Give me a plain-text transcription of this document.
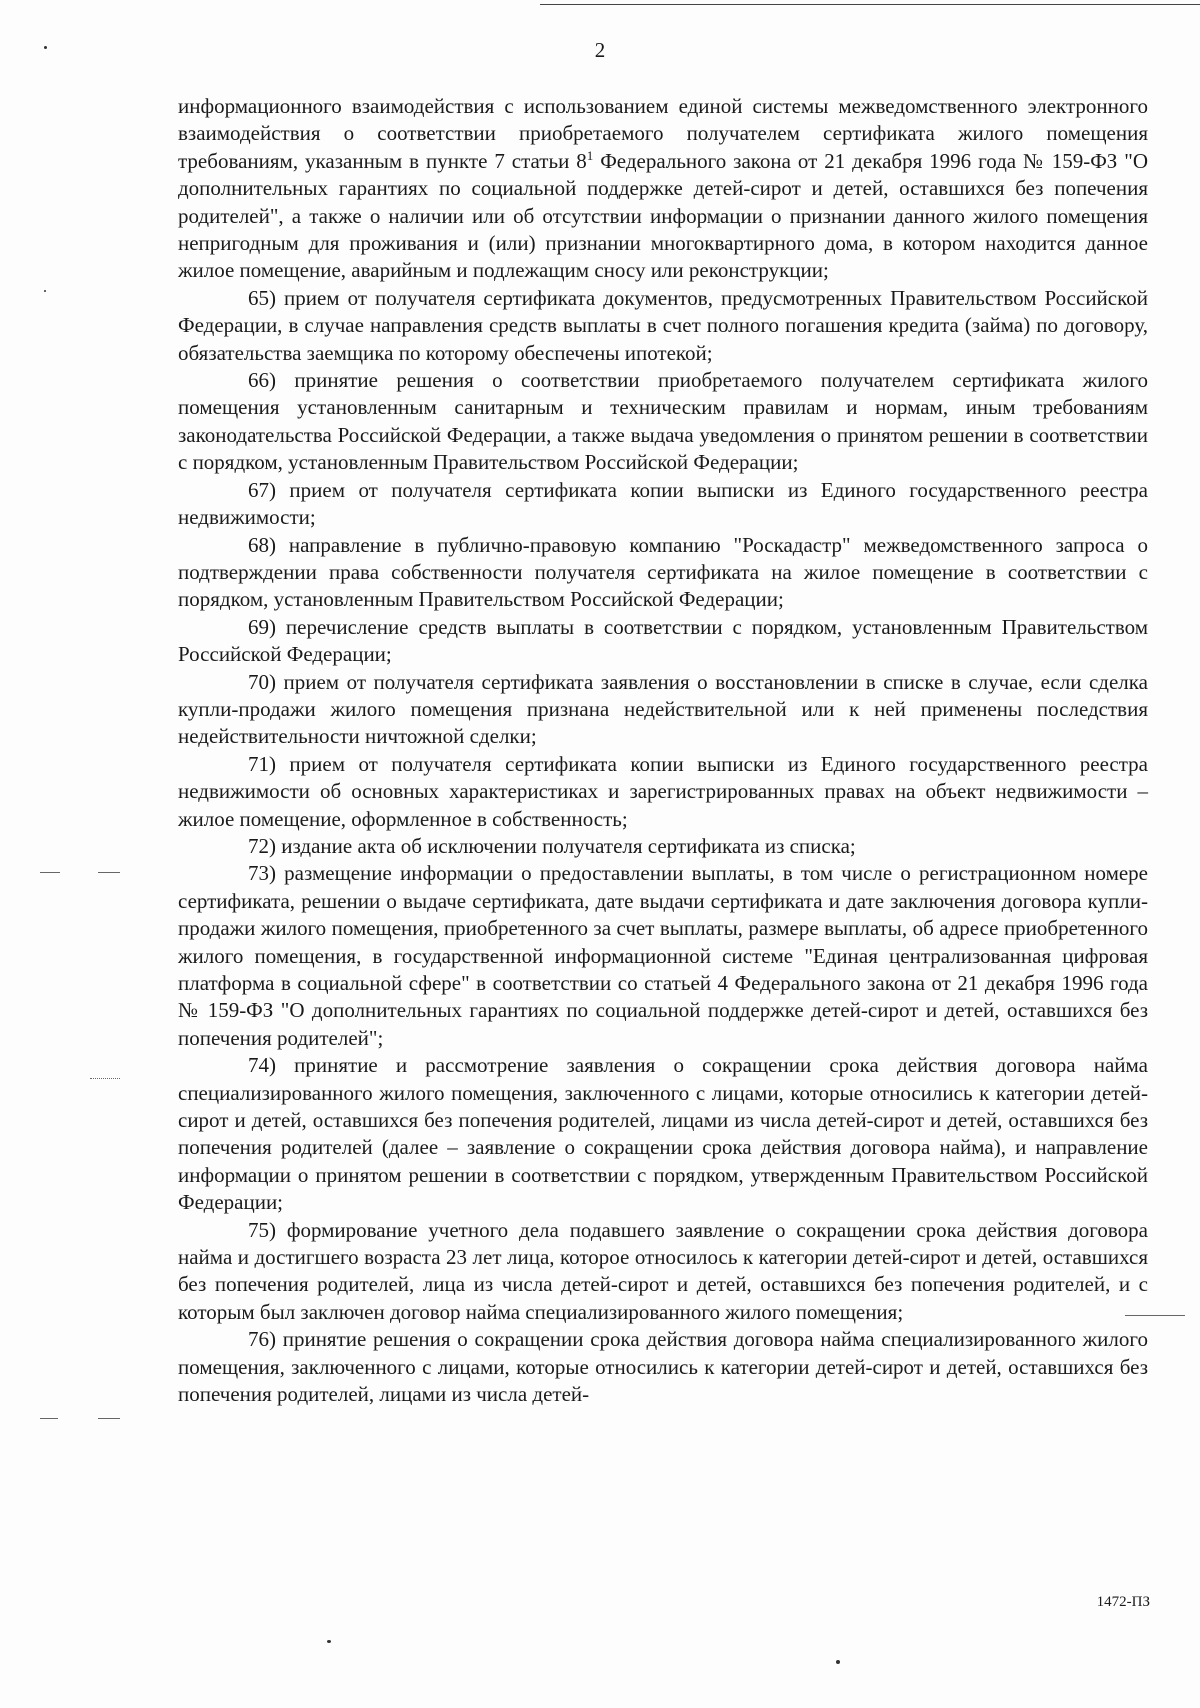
2

информационного взаимодействия с использованием единой системы межведомственного электронного взаимодействия о соответствии приобретаемого получателем сертификата жилого помещения требованиям, указанным в пункте 7 статьи $8^1$ Федерального закона от 21 декабря 1996 года № 159-ФЗ "О дополнительных гарантиях по социальной поддержке детей-сирот и детей, оставшихся без попечения родителей", а также о наличии или об отсутствии информации о признании данного жилого помещения непригодным для проживания и (или) признании многоквартирного дома, в котором находится данное жилое помещение, аварийным и подлежащим сносу или реконструкции;

65) прием от получателя сертификата документов, предусмотренных Правительством Российской Федерации, в случае направления средств выплаты в счет полного погашения кредита (займа) по договору, обязательства заемщика по которому обеспечены ипотекой;

66) принятие решения о соответствии приобретаемого получателем сертификата жилого помещения установленным санитарным и техническим правилам и нормам, иным требованиям законодательства Российской Федерации, а также выдача уведомления о принятом решении в соответствии с порядком, установленным Правительством Российской Федерации;

67) прием от получателя сертификата копии выписки из Единого государственного реестра недвижимости;

68) направление в публично-правовую компанию "Роскадастр" межведомственного запроса о подтверждении права собственности получателя сертификата на жилое помещение в соответствии с порядком, установленным Правительством Российской Федерации;

69) перечисление средств выплаты в соответствии с порядком, установленным Правительством Российской Федерации;

70) прием от получателя сертификата заявления о восстановлении в списке в случае, если сделка купли-продажи жилого помещения признана недействительной или к ней применены последствия недействительности ничтожной сделки;

71) прием от получателя сертификата копии выписки из Единого государственного реестра недвижимости об основных характеристиках и зарегистрированных правах на объект недвижимости – жилое помещение, оформленное в собственность;

72) издание акта об исключении получателя сертификата из списка;

73) размещение информации о предоставлении выплаты, в том числе о регистрационном номере сертификата, решении о выдаче сертификата, дате выдачи сертификата и дате заключения договора купли-продажи жилого помещения, приобретенного за счет выплаты, размере выплаты, об адресе приобретенного жилого помещения, в государственной информационной системе "Единая централизованная цифровая платформа в социальной сфере" в соответствии со статьей 4 Федерального закона от 21 декабря 1996 года № 159-ФЗ "О дополнительных гарантиях по социальной поддержке детей-сирот и детей, оставшихся без попечения родителей";

74) принятие и рассмотрение заявления о сокращении срока действия договора найма специализированного жилого помещения, заключенного с лицами, которые относились к категории детей-сирот и детей, оставшихся без попечения родителей, лицами из числа детей-сирот и детей, оставшихся без попечения родителей (далее – заявление о сокращении срока действия договора найма), и направление информации о принятом решении в соответствии с порядком, утвержденным Правительством Российской Федерации;

75) формирование учетного дела подавшего заявление о сокращении срока действия договора найма и достигшего возраста 23 лет лица, которое относилось к категории детей-сирот и детей, оставшихся без попечения родителей, лица из числа детей-сирот и детей, оставшихся без попечения родителей, и с которым был заключен договор найма специализированного жилого помещения;

76) принятие решения о сокращении срока действия договора найма специализированного жилого помещения, заключенного с лицами, которые относились к категории детей-сирот и детей, оставшихся без попечения родителей, лицами из числа детей-

1472-ПЗ
